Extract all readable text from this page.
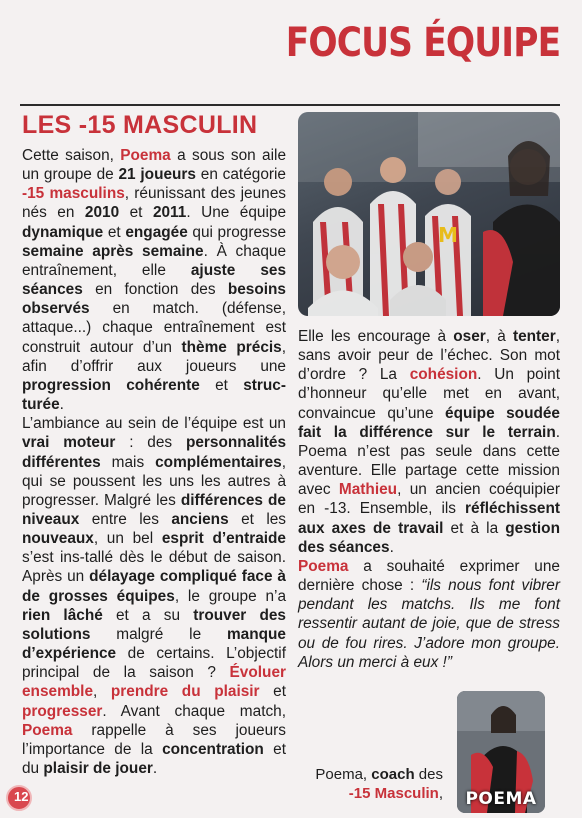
FOCUS ÉQUIPE
LES -15 MASCULIN

Cette saison, Poema a sous son aile un groupe de 21 joueurs en catégorie -15 masculins, réunissant des jeunes nés en 2010 et 2011. Une équipe dynamique et engagée qui progresse semaine après semaine. À chaque entraînement, elle ajuste ses séances en fonction des besoins observés en match. (défense, attaque...) chaque entraînement est construit autour d’un thème précis, afin d’offrir aux joueurs une progression cohérente et structurée.

L’ambiance au sein de l’équipe est un vrai moteur : des personnalités différentes mais complémentaires, qui se poussent les uns les autres à progresser. Malgré les différences de niveaux entre les anciens et les nouveaux, un bel esprit d’entraide s’est ins-tallé dès le début de saison. Après un délayage compliqué face à de grosses équipes, le groupe n’a rien lâché et a su trouver des solutions malgré le manque d’expérience de certains. L’objectif principal de la saison ? Évoluer ensemble, prendre du plaisir et progresser. Avant chaque match, Poema rappelle à ses joueurs l’importance de la concentration et du plaisir de jouer.

M

Elle les encourage à oser, à tenter, sans avoir peur de l’échec. Son mot d’ordre ? La cohésion. Un point d’honneur qu’elle met en avant, convaincue qu’une équipe soudée fait la différence sur le terrain. Poema n’est pas seule dans cette aventure. Elle partage cette mission avec Mathieu, un ancien coéquipier en -13. Ensemble, ils réfléchissent aux axes de travail et à la gestion des séances.

Poema a souhaité exprimer une dernière chose : “ils nous font vibrer pendant les matchs. Ils me font ressentir autant de joie, que de stress ou de fou rires. J’adore mon groupe. Alors un merci à eux !”

Poema, coach des
-15 Masculin,	POEMA
12
